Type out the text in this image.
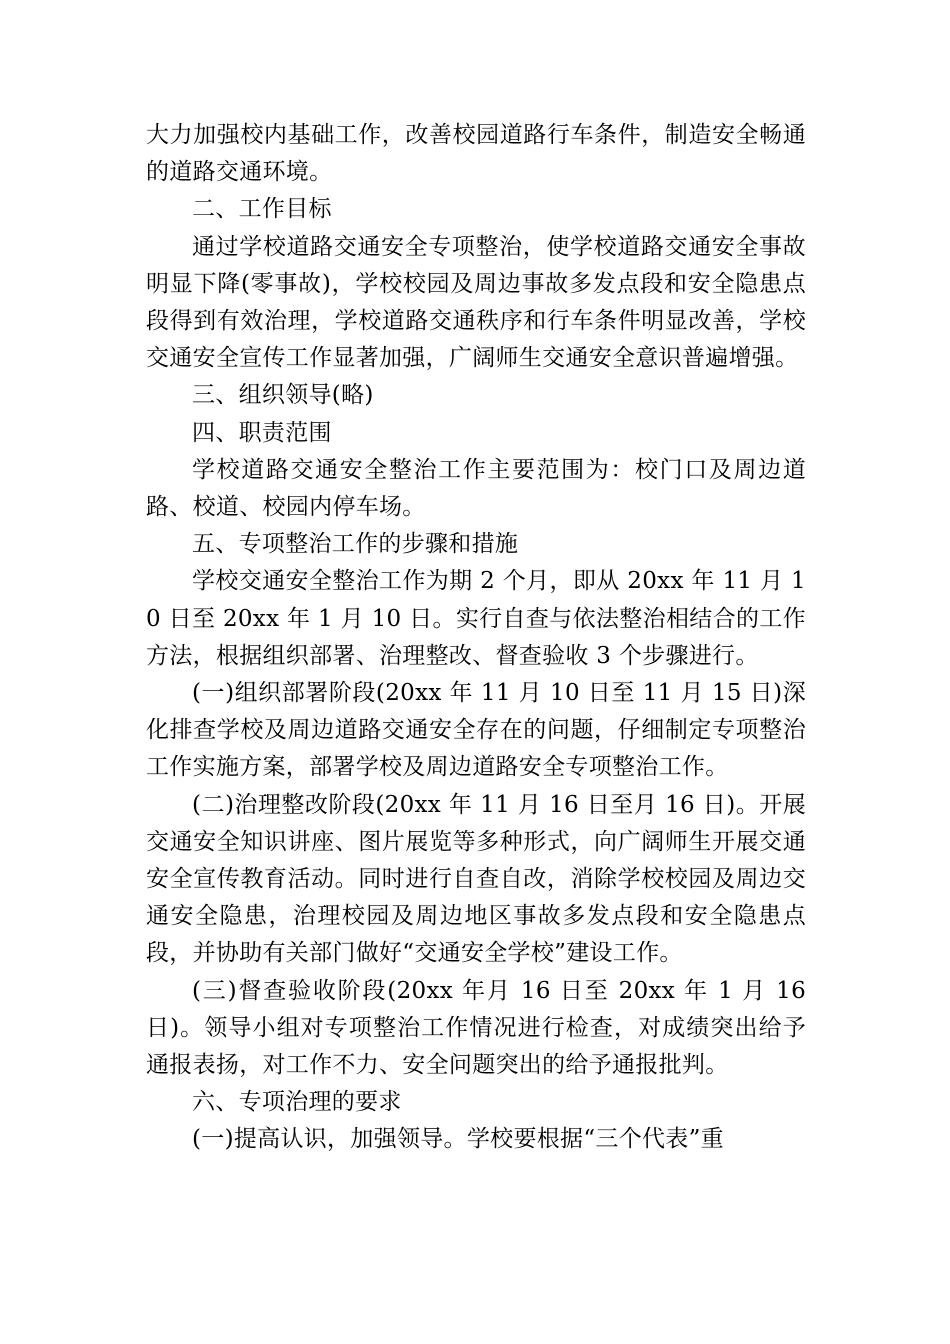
大力加强校内基础工作，改善校园道路行车条件，制造安全畅通的道路交通环境。

二、工作目标

通过学校道路交通安全专项整治，使学校道路交通安全事故明显下降(零事故)，学校校园及周边事故多发点段和安全隐患点段得到有效治理，学校道路交通秩序和行车条件明显改善，学校交通安全宣传工作显著加强，广阔师生交通安全意识普遍增强。

三、组织领导(略)

四、职责范围

学校道路交通安全整治工作主要范围为：校门口及周边道路、校道、校园内停车场。

五、专项整治工作的步骤和措施

学校交通安全整治工作为期 2 个月，即从 20xx 年 11 月 10 日至 20xx 年 1 月 10 日。实行自查与依法整治相结合的工作方法，根据组织部署、治理整改、督查验收 3 个步骤进行。

(一)组织部署阶段(20xx 年 11 月 10 日至 11 月 15 日)深化排查学校及周边道路交通安全存在的问题，仔细制定专项整治工作实施方案，部署学校及周边道路安全专项整治工作。

(二)治理整改阶段(20xx 年 11 月 16 日至月 16 日)。开展交通安全知识讲座、图片展览等多种形式，向广阔师生开展交通安全宣传教育活动。同时进行自查自改，消除学校校园及周边交通安全隐患，治理校园及周边地区事故多发点段和安全隐患点段，并协助有关部门做好“交通安全学校”建设工作。

(三)督查验收阶段(20xx 年月 16 日至 20xx 年 1 月 16 日)。领导小组对专项整治工作情况进行检查，对成绩突出给予通报表扬，对工作不力、安全问题突出的给予通报批判。

六、专项治理的要求

(一)提高认识，加强领导。学校要根据“三个代表”重
